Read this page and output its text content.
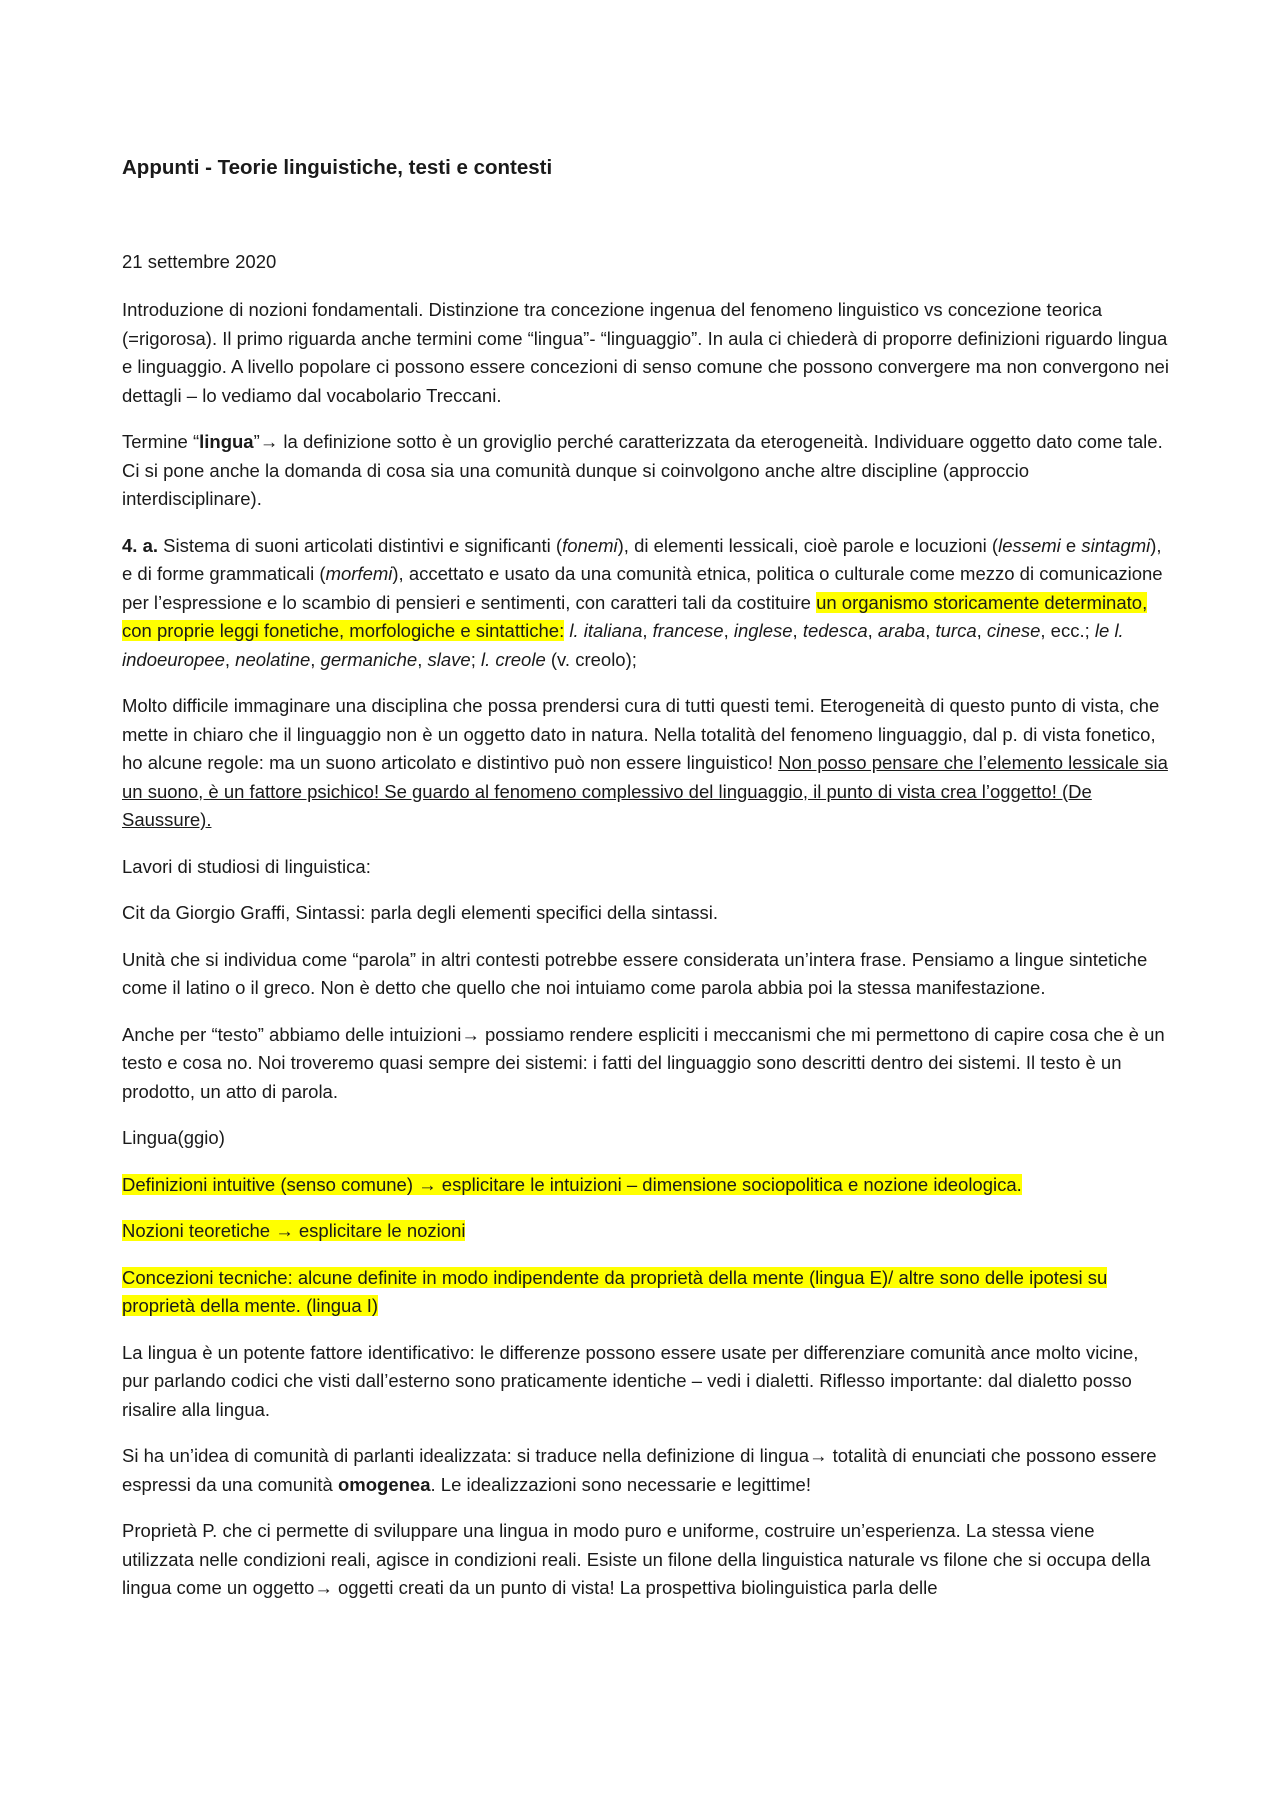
Appunti - Teorie linguistiche, testi e contesti
21 settembre 2020

Introduzione di nozioni fondamentali. Distinzione tra concezione ingenua del fenomeno linguistico vs concezione teorica (=rigorosa). Il primo riguarda anche termini come “lingua”- “linguaggio”. In aula ci chiederà di proporre definizioni riguardo lingua e linguaggio. A livello popolare ci possono essere concezioni di senso comune che possono convergere ma non convergono nei dettagli – lo vediamo dal vocabolario Treccani.

Termine “lingua”→ la definizione sotto è un groviglio perché caratterizzata da eterogeneità. Individuare oggetto dato come tale. Ci si pone anche la domanda di cosa sia una comunità dunque si coinvolgono anche altre discipline (approccio interdisciplinare).

4. a. Sistema di suoni articolati distintivi e significanti (fonemi), di elementi lessicali, cioè parole e locuzioni (lessemi e sintagmi), e di forme grammaticali (morfemi), accettato e usato da una comunità etnica, politica o culturale come mezzo di comunicazione per l’espressione e lo scambio di pensieri e sentimenti, con caratteri tali da costituire un organismo storicamente determinato, con proprie leggi fonetiche, morfologiche e sintattiche: l. italiana, francese, inglese, tedesca, araba, turca, cinese, ecc.; le l. indoeuropee, neolatine, germaniche, slave; l. creole (v. creolo);

Molto difficile immaginare una disciplina che possa prendersi cura di tutti questi temi. Eterogeneità di questo punto di vista, che mette in chiaro che il linguaggio non è un oggetto dato in natura. Nella totalità del fenomeno linguaggio, dal p. di vista fonetico, ho alcune regole: ma un suono articolato e distintivo può non essere linguistico! Non posso pensare che l’elemento lessicale sia un suono, è un fattore psichico! Se guardo al fenomeno complessivo del linguaggio, il punto di vista crea l’oggetto! (De Saussure).

Lavori di studiosi di linguistica:

Cit da Giorgio Graffi, Sintassi: parla degli elementi specifici della sintassi.

Unità che si individua come “parola” in altri contesti potrebbe essere considerata un’intera frase. Pensiamo a lingue sintetiche come il latino o il greco. Non è detto che quello che noi intuiamo come parola abbia poi la stessa manifestazione.

Anche per “testo” abbiamo delle intuizioni→ possiamo rendere espliciti i meccanismi che mi permettono di capire cosa che è un testo e cosa no. Noi troveremo quasi sempre dei sistemi: i fatti del linguaggio sono descritti dentro dei sistemi. Il testo è un prodotto, un atto di parola.

Lingua(ggio)

Definizioni intuitive (senso comune) → esplicitare le intuizioni – dimensione sociopolitica e nozione ideologica.

Nozioni teoretiche → esplicitare le nozioni

Concezioni tecniche: alcune definite in modo indipendente da proprietà della mente (lingua E)/ altre sono delle ipotesi su proprietà della mente. (lingua I)

La lingua è un potente fattore identificativo: le differenze possono essere usate per differenziare comunità ance molto vicine, pur parlando codici che visti dall’esterno sono praticamente identiche – vedi i dialetti. Riflesso importante: dal dialetto posso risalire alla lingua.

Si ha un’idea di comunità di parlanti idealizzata: si traduce nella definizione di lingua→ totalità di enunciati che possono essere espressi da una comunità omogenea. Le idealizzazioni sono necessarie e legittime!

Proprietà P. che ci permette di sviluppare una lingua in modo puro e uniforme, costruire un’esperienza. La stessa viene utilizzata nelle condizioni reali, agisce in condizioni reali. Esiste un filone della linguistica naturale vs filone che si occupa della lingua come un oggetto→ oggetti creati da un punto di vista! La prospettiva biolinguistica parla delle
